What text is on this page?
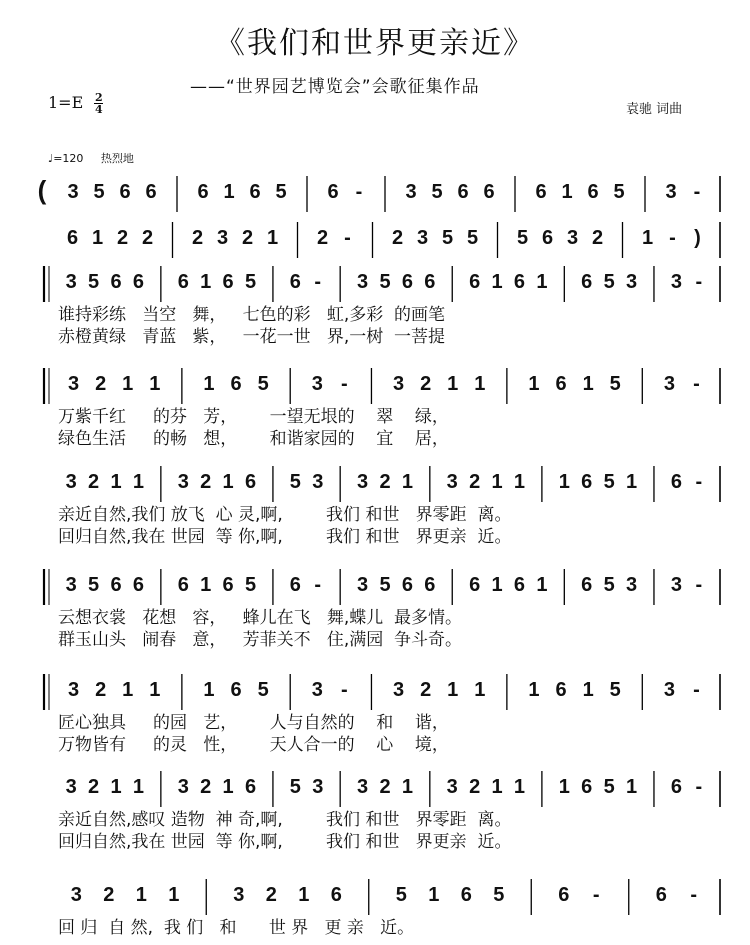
《我们和世界更亲近》
——“世界园艺博览会”会歌征集作品
$1=E \frac{2}{4}$	袁驰 词曲
♩=120 热烈地
3 5 6 6 6 1 6 5 6 - 3 5 6 6 6 1 6 5 3 -
6 1 2 2 2 3 2 1 2 - 2 3 5 5 5 6 3 2 1 - )
3 5 6 6 6 1 6 5 6 - 3 5 6 6 6 1 6 1 6 5 3 3 -
谁持彩练   当空   舞，   七色的彩   虹,多彩  的画笔
赤橙黄绿   青蓝   紫，   一花一世   界,一树  一菩提
3 2 1 1 1 6 5 3 - 3 2 1 1 1 6 1 5 3 -
万紫千红     的芬   芳，      一望无垠的    翠    绿，
绿色生活     的畅   想，      和谐家园的    宜    居，
3 2 1 1 3 2 1 6 5 3 3 2 1 3 2 1 1 1 6 5 1 6 -
亲近自然,我们 放飞  心 灵,啊,        我们 和世   界零距  离。
回归自然,我在 世园  等 你,啊,        我们 和世   界更亲  近。
3 5 6 6 6 1 6 5 6 - 3 5 6 6 6 1 6 1 6 5 3 3 -
云想衣裳   花想   容，   蜂儿在飞   舞,蝶儿  最多情。
群玉山头   闹春   意，   芳菲关不   住,满园  争斗奇。
3 2 1 1 1 6 5 3 - 3 2 1 1 1 6 1 5 3 -
匠心独具     的园   艺，      人与自然的    和    谐，
万物皆有     的灵   性，      天人合一的    心    境，
3 2 1 1 3 2 1 6 5 3 3 2 1 3 2 1 1 1 6 5 1 6 -
亲近自然,感叹 造物  神 奇,啊,        我们 和世   界零距  离。
回归自然,我在 世园  等 你,啊,        我们 和世   界更亲  近。
3 2 1 1	3 2 1 6	5 1 6 5	6 -	6 -
回 归  自 然,  我 们   和      世 界   更 亲   近。
(
